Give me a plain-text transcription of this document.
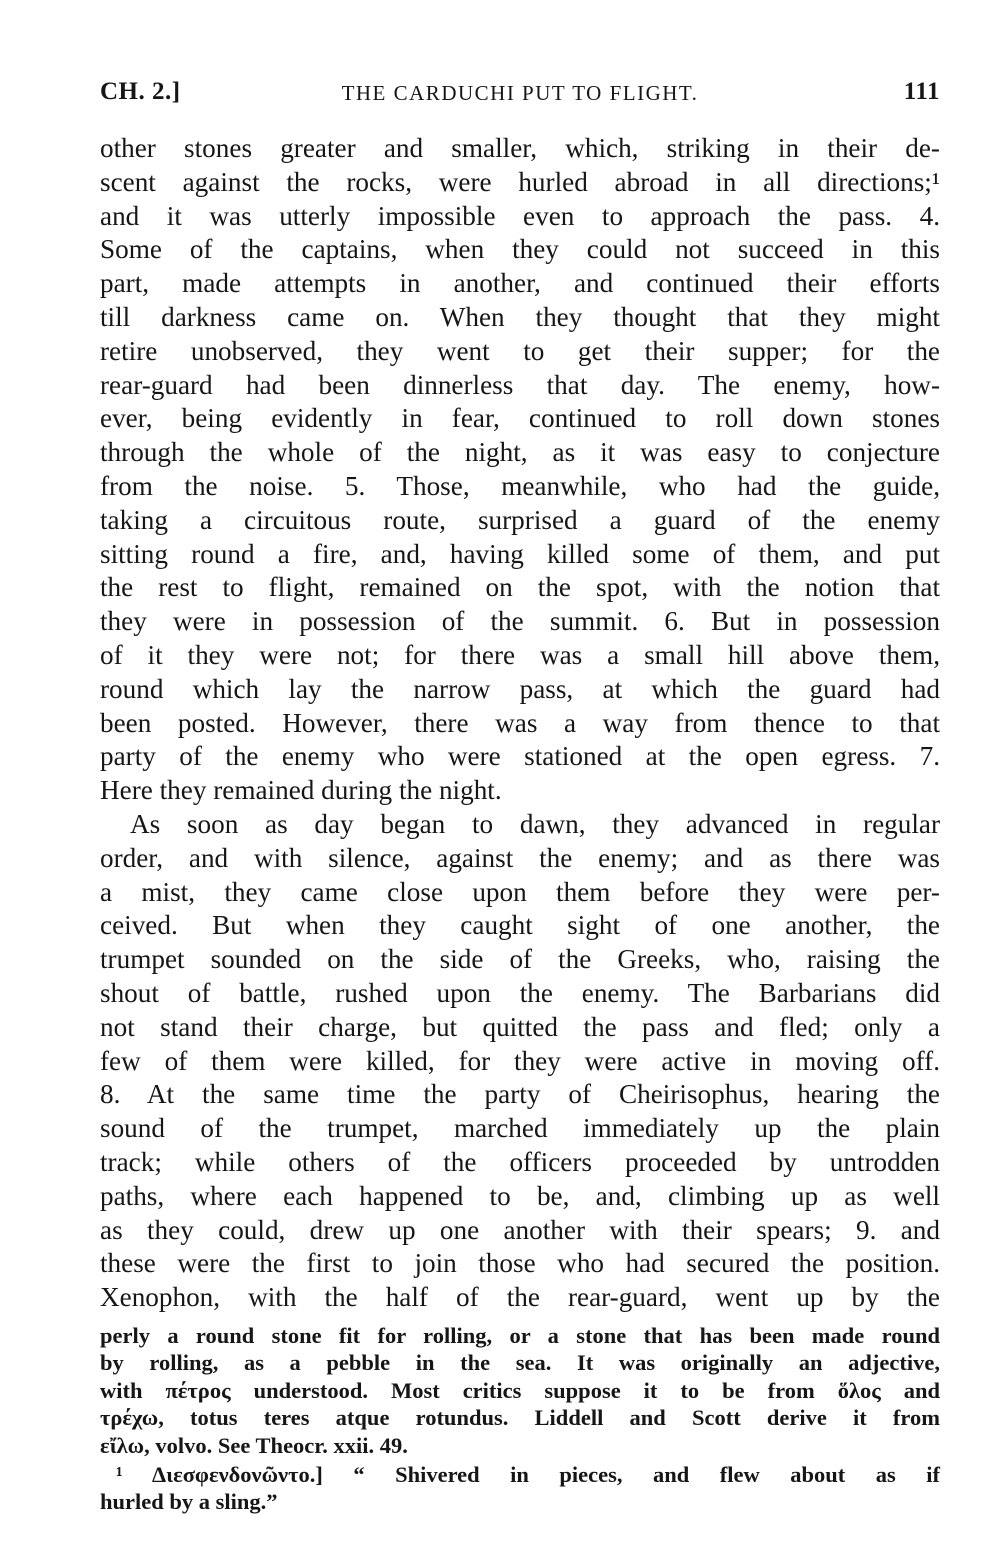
CH. 2.]	THE CARDUCHI PUT TO FLIGHT.	111
other stones greater and smaller, which, striking in their de-
scent against the rocks, were hurled abroad in all directions;¹
and it was utterly impossible even to approach the pass. 4.
Some of the captains, when they could not succeed in this
part, made attempts in another, and continued their efforts
till darkness came on. When they thought that they might
retire unobserved, they went to get their supper; for the
rear-guard had been dinnerless that day. The enemy, how-
ever, being evidently in fear, continued to roll down stones
through the whole of the night, as it was easy to conjecture
from the noise. 5. Those, meanwhile, who had the guide,
taking a circuitous route, surprised a guard of the enemy
sitting round a fire, and, having killed some of them, and put
the rest to flight, remained on the spot, with the notion that
they were in possession of the summit. 6. But in possession
of it they were not; for there was a small hill above them,
round which lay the narrow pass, at which the guard had
been posted. However, there was a way from thence to that
party of the enemy who were stationed at the open egress. 7.
Here they remained during the night.
As soon as day began to dawn, they advanced in regular
order, and with silence, against the enemy; and as there was
a mist, they came close upon them before they were per-
ceived. But when they caught sight of one another, the
trumpet sounded on the side of the Greeks, who, raising the
shout of battle, rushed upon the enemy. The Barbarians did
not stand their charge, but quitted the pass and fled; only a
few of them were killed, for they were active in moving off.
8. At the same time the party of Cheirisophus, hearing the
sound of the trumpet, marched immediately up the plain
track; while others of the officers proceeded by untrodden
paths, where each happened to be, and, climbing up as well
as they could, drew up one another with their spears; 9. and
these were the first to join those who had secured the position.
Xenophon, with the half of the rear-guard, went up by the
perly a round stone fit for rolling, or a stone that has been made round
by rolling, as a pebble in the sea. It was originally an adjective,
with πέτρος understood. Most critics suppose it to be from ὅλος and
τρέχω, totus teres atque rotundus. Liddell and Scott derive it from
εἴλω, volvo. See Theocr. xxii. 49.
¹ Διεσφενδονῶντο.] “ Shivered in pieces, and flew about as if
hurled by a sling.”
